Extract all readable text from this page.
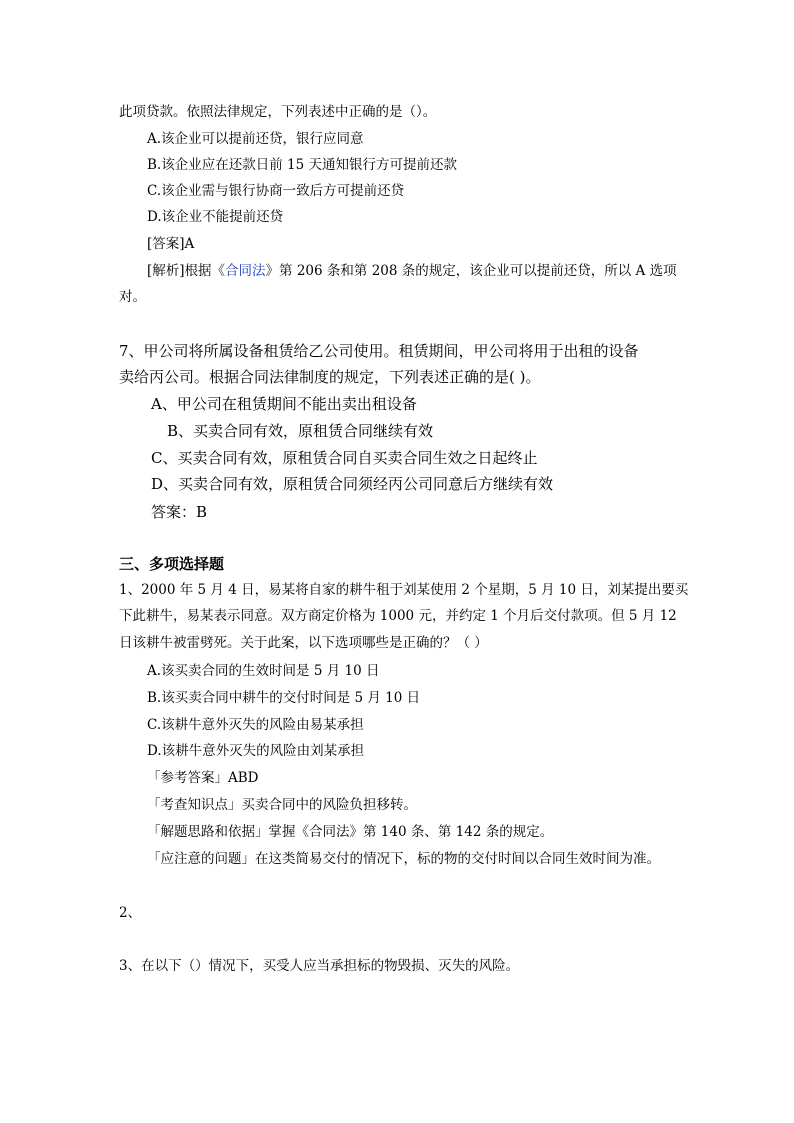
此项贷款。依照法律规定，下列表述中正确的是（）。
A.该企业可以提前还贷，银行应同意
B.该企业应在还款日前 15 天通知银行方可提前还款
C.该企业需与银行协商一致后方可提前还贷
D.该企业不能提前还贷
[答案]A
[解析]根据《合同法》第 206 条和第 208 条的规定，该企业可以提前还贷，所以 A 选项
对。
7、甲公司将所属设备租赁给乙公司使用。租赁期间，甲公司将用于出租的设备
卖给丙公司。根据合同法律制度的规定，下列表述正确的是( )。
A、甲公司在租赁期间不能出卖出租设备
B、买卖合同有效，原租赁合同继续有效
C、买卖合同有效，原租赁合同自买卖合同生效之日起终止
D、买卖合同有效，原租赁合同须经丙公司同意后方继续有效
答案：B
三、多项选择题
1、2000 年 5 月 4 日，易某将自家的耕牛租于刘某使用 2 个星期，5 月 10 日，刘某提出要买
下此耕牛，易某表示同意。双方商定价格为 1000 元，并约定 1 个月后交付款项。但 5 月 12
日该耕牛被雷劈死。关于此案，以下选项哪些是正确的？（ ）
A.该买卖合同的生效时间是 5 月 10 日
B.该买卖合同中耕牛的交付时间是 5 月 10 日
C.该耕牛意外灭失的风险由易某承担
D.该耕牛意外灭失的风险由刘某承担
「参考答案」ABD
「考查知识点」买卖合同中的风险负担移转。
「解题思路和依据」掌握《合同法》第 140 条、第 142 条的规定。
「应注意的问题」在这类简易交付的情况下，标的物的交付时间以合同生效时间为准。
2、
3、在以下（）情况下，买受人应当承担标的物毁损、灭失的风险。
